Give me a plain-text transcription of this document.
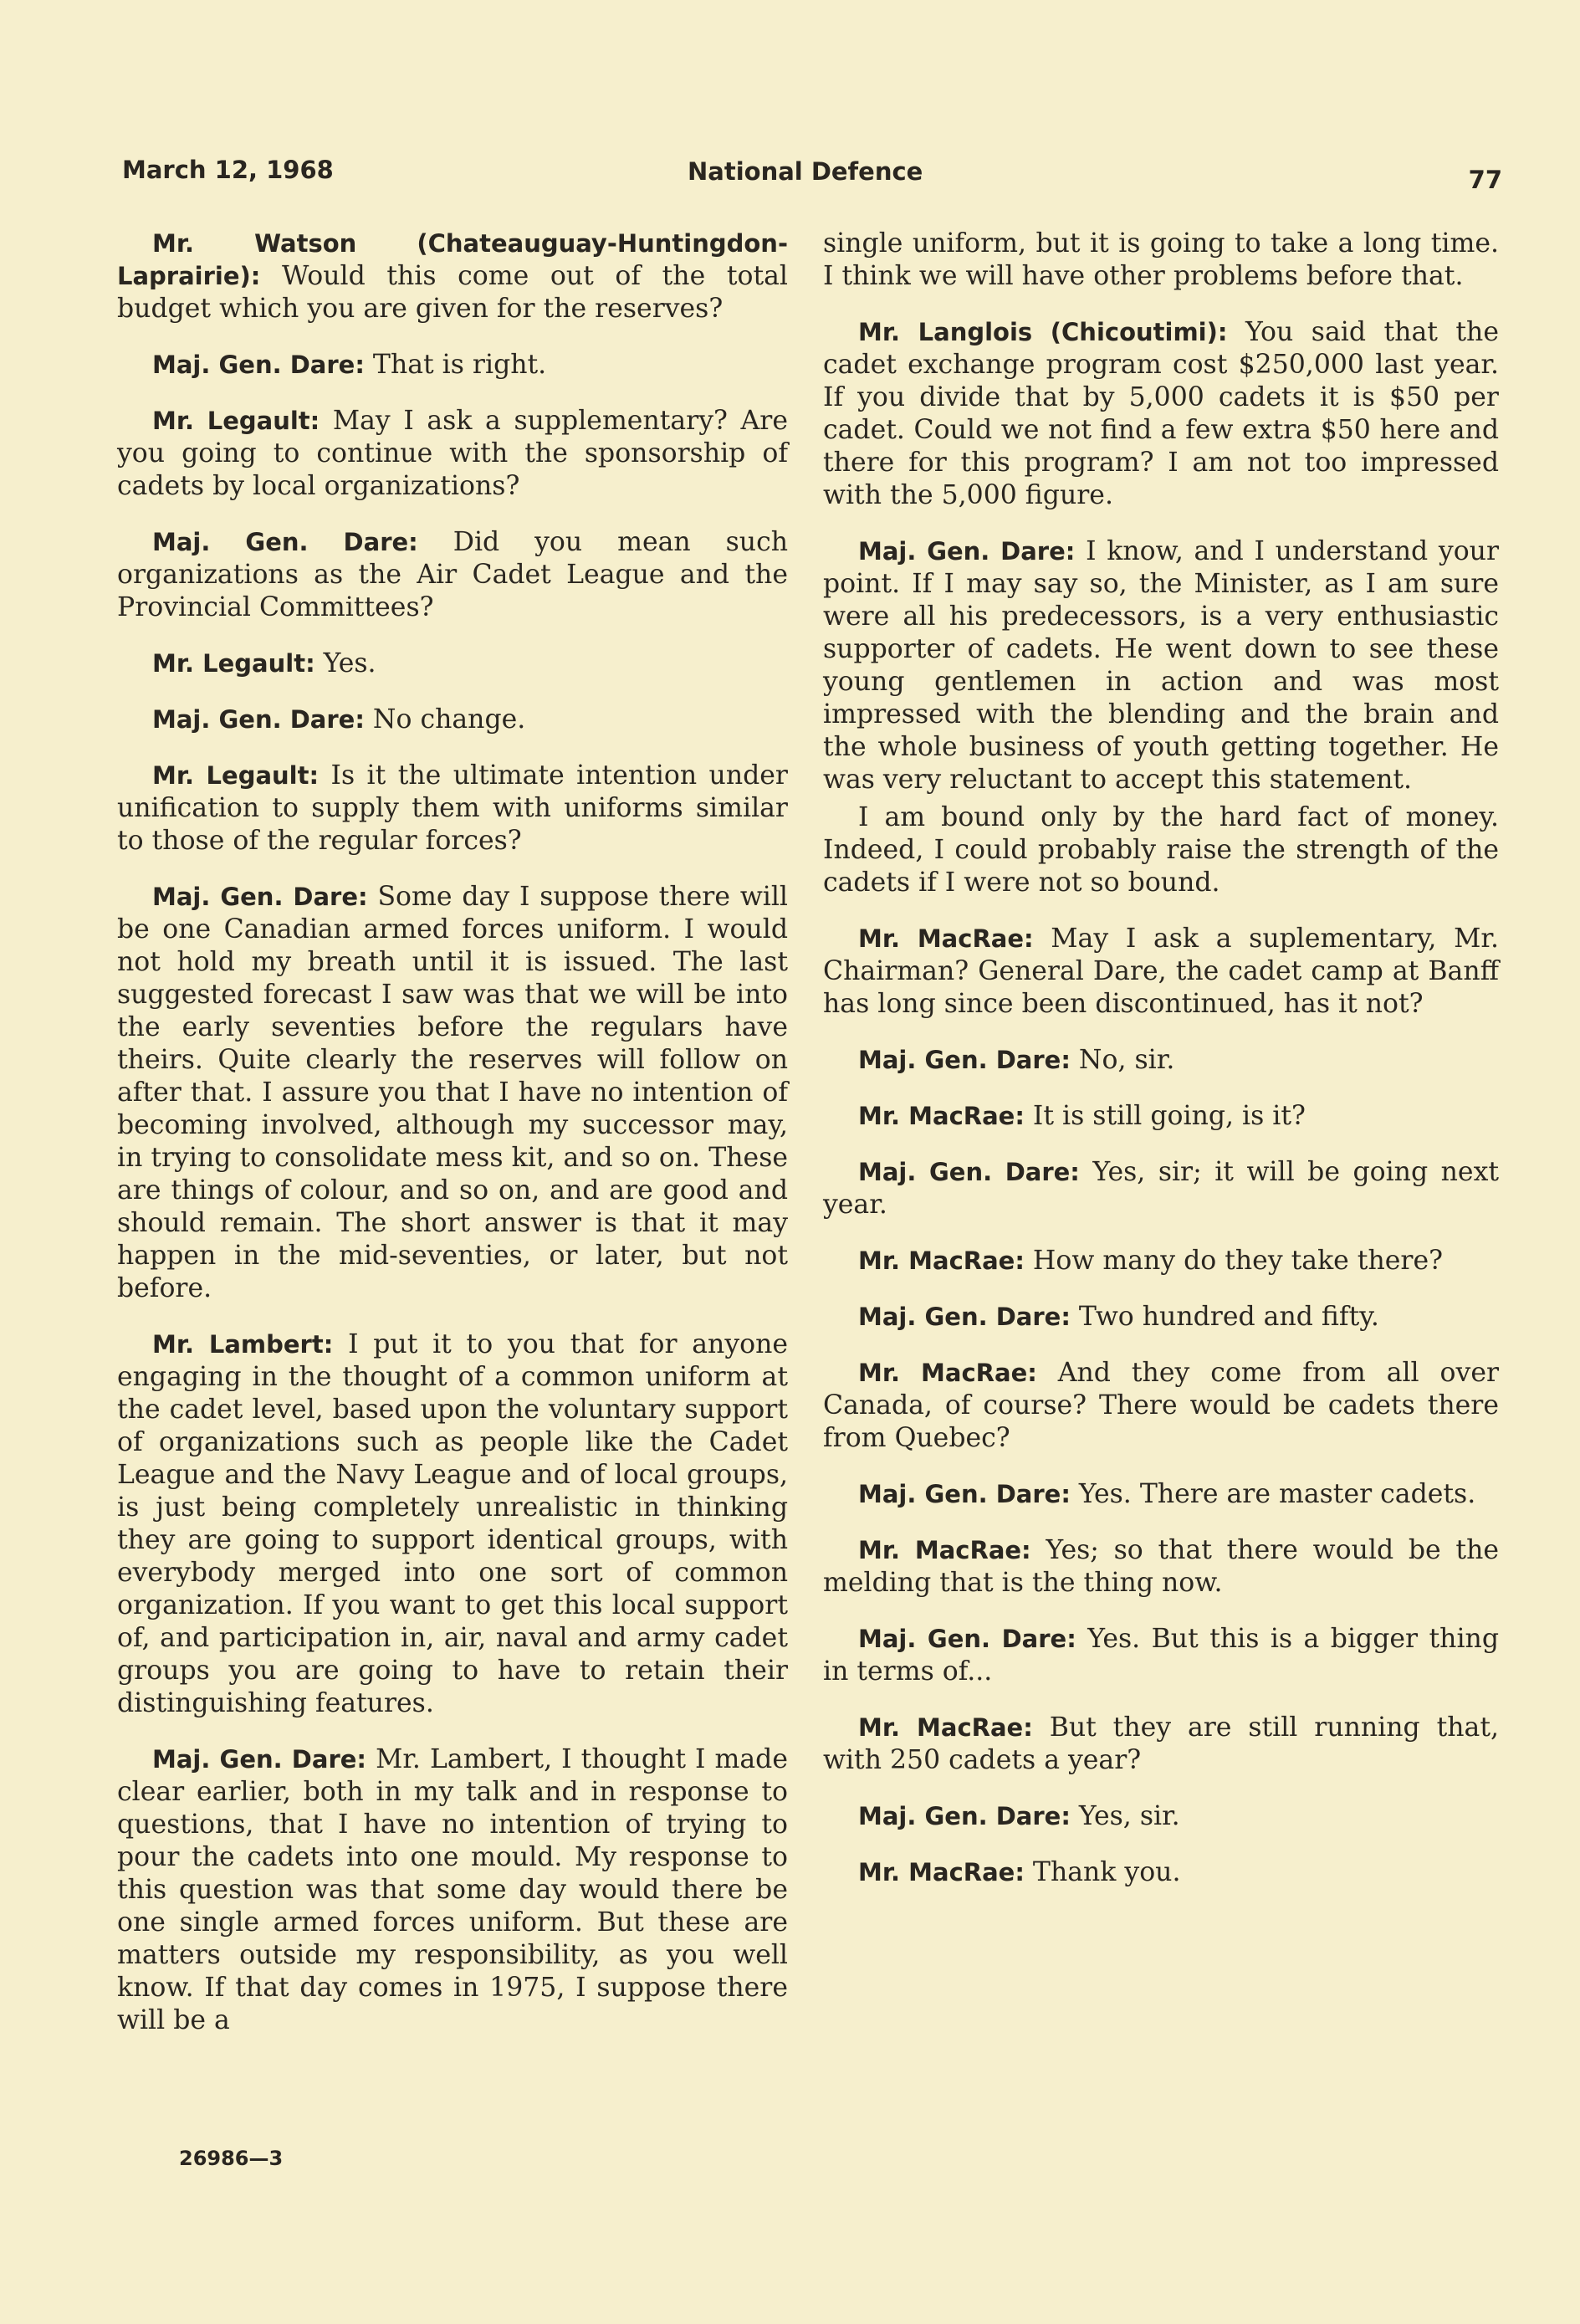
March 12, 1968	National Defence	77

Mr. Watson (Chateauguay-Huntingdon-Laprairie): Would this come out of the total budget which you are given for the reserves?

Maj. Gen. Dare: That is right.

Mr. Legault: May I ask a supplementary? Are you going to continue with the sponsorship of cadets by local organizations?

Maj. Gen. Dare: Did you mean such organizations as the Air Cadet League and the Provincial Committees?

Mr. Legault: Yes.

Maj. Gen. Dare: No change.

Mr. Legault: Is it the ultimate intention under unification to supply them with uniforms similar to those of the regular forces?

Maj. Gen. Dare: Some day I suppose there will be one Canadian armed forces uniform. I would not hold my breath until it is issued. The last suggested forecast I saw was that we will be into the early seventies before the regulars have theirs. Quite clearly the reserves will follow on after that. I assure you that I have no intention of becoming involved, although my successor may, in trying to consolidate mess kit, and so on. These are things of colour, and so on, and are good and should remain. The short answer is that it may happen in the mid-seventies, or later, but not before.

Mr. Lambert: I put it to you that for anyone engaging in the thought of a common uniform at the cadet level, based upon the voluntary support of organizations such as people like the Cadet League and the Navy League and of local groups, is just being completely unrealistic in thinking they are going to support identical groups, with everybody merged into one sort of common organization. If you want to get this local support of, and participation in, air, naval and army cadet groups you are going to have to retain their distinguishing features.

Maj. Gen. Dare: Mr. Lambert, I thought I made clear earlier, both in my talk and in response to questions, that I have no intention of trying to pour the cadets into one mould. My response to this question was that some day would there be one single armed forces uniform. But these are matters outside my responsibility, as you well know. If that day comes in 1975, I suppose there will be a

single uniform, but it is going to take a long time. I think we will have other problems before that.

Mr. Langlois (Chicoutimi): You said that the cadet exchange program cost $250,000 last year. If you divide that by 5,000 cadets it is $50 per cadet. Could we not find a few extra $50 here and there for this program? I am not too impressed with the 5,000 figure.

Maj. Gen. Dare: I know, and I understand your point. If I may say so, the Minister, as I am sure were all his predecessors, is a very enthusiastic supporter of cadets. He went down to see these young gentlemen in action and was most impressed with the blending and the brain and the whole business of youth getting together. He was very reluctant to accept this statement.

I am bound only by the hard fact of money. Indeed, I could probably raise the strength of the cadets if I were not so bound.

Mr. MacRae: May I ask a suplementary, Mr. Chairman? General Dare, the cadet camp at Banff has long since been discontinued, has it not?

Maj. Gen. Dare: No, sir.

Mr. MacRae: It is still going, is it?

Maj. Gen. Dare: Yes, sir; it will be going next year.

Mr. MacRae: How many do they take there?

Maj. Gen. Dare: Two hundred and fifty.

Mr. MacRae: And they come from all over Canada, of course? There would be cadets there from Quebec?

Maj. Gen. Dare: Yes. There are master cadets.

Mr. MacRae: Yes; so that there would be the melding that is the thing now.

Maj. Gen. Dare: Yes. But this is a bigger thing in terms of...

Mr. MacRae: But they are still running that, with 250 cadets a year?

Maj. Gen. Dare: Yes, sir.

Mr. MacRae: Thank you.

26986—3
